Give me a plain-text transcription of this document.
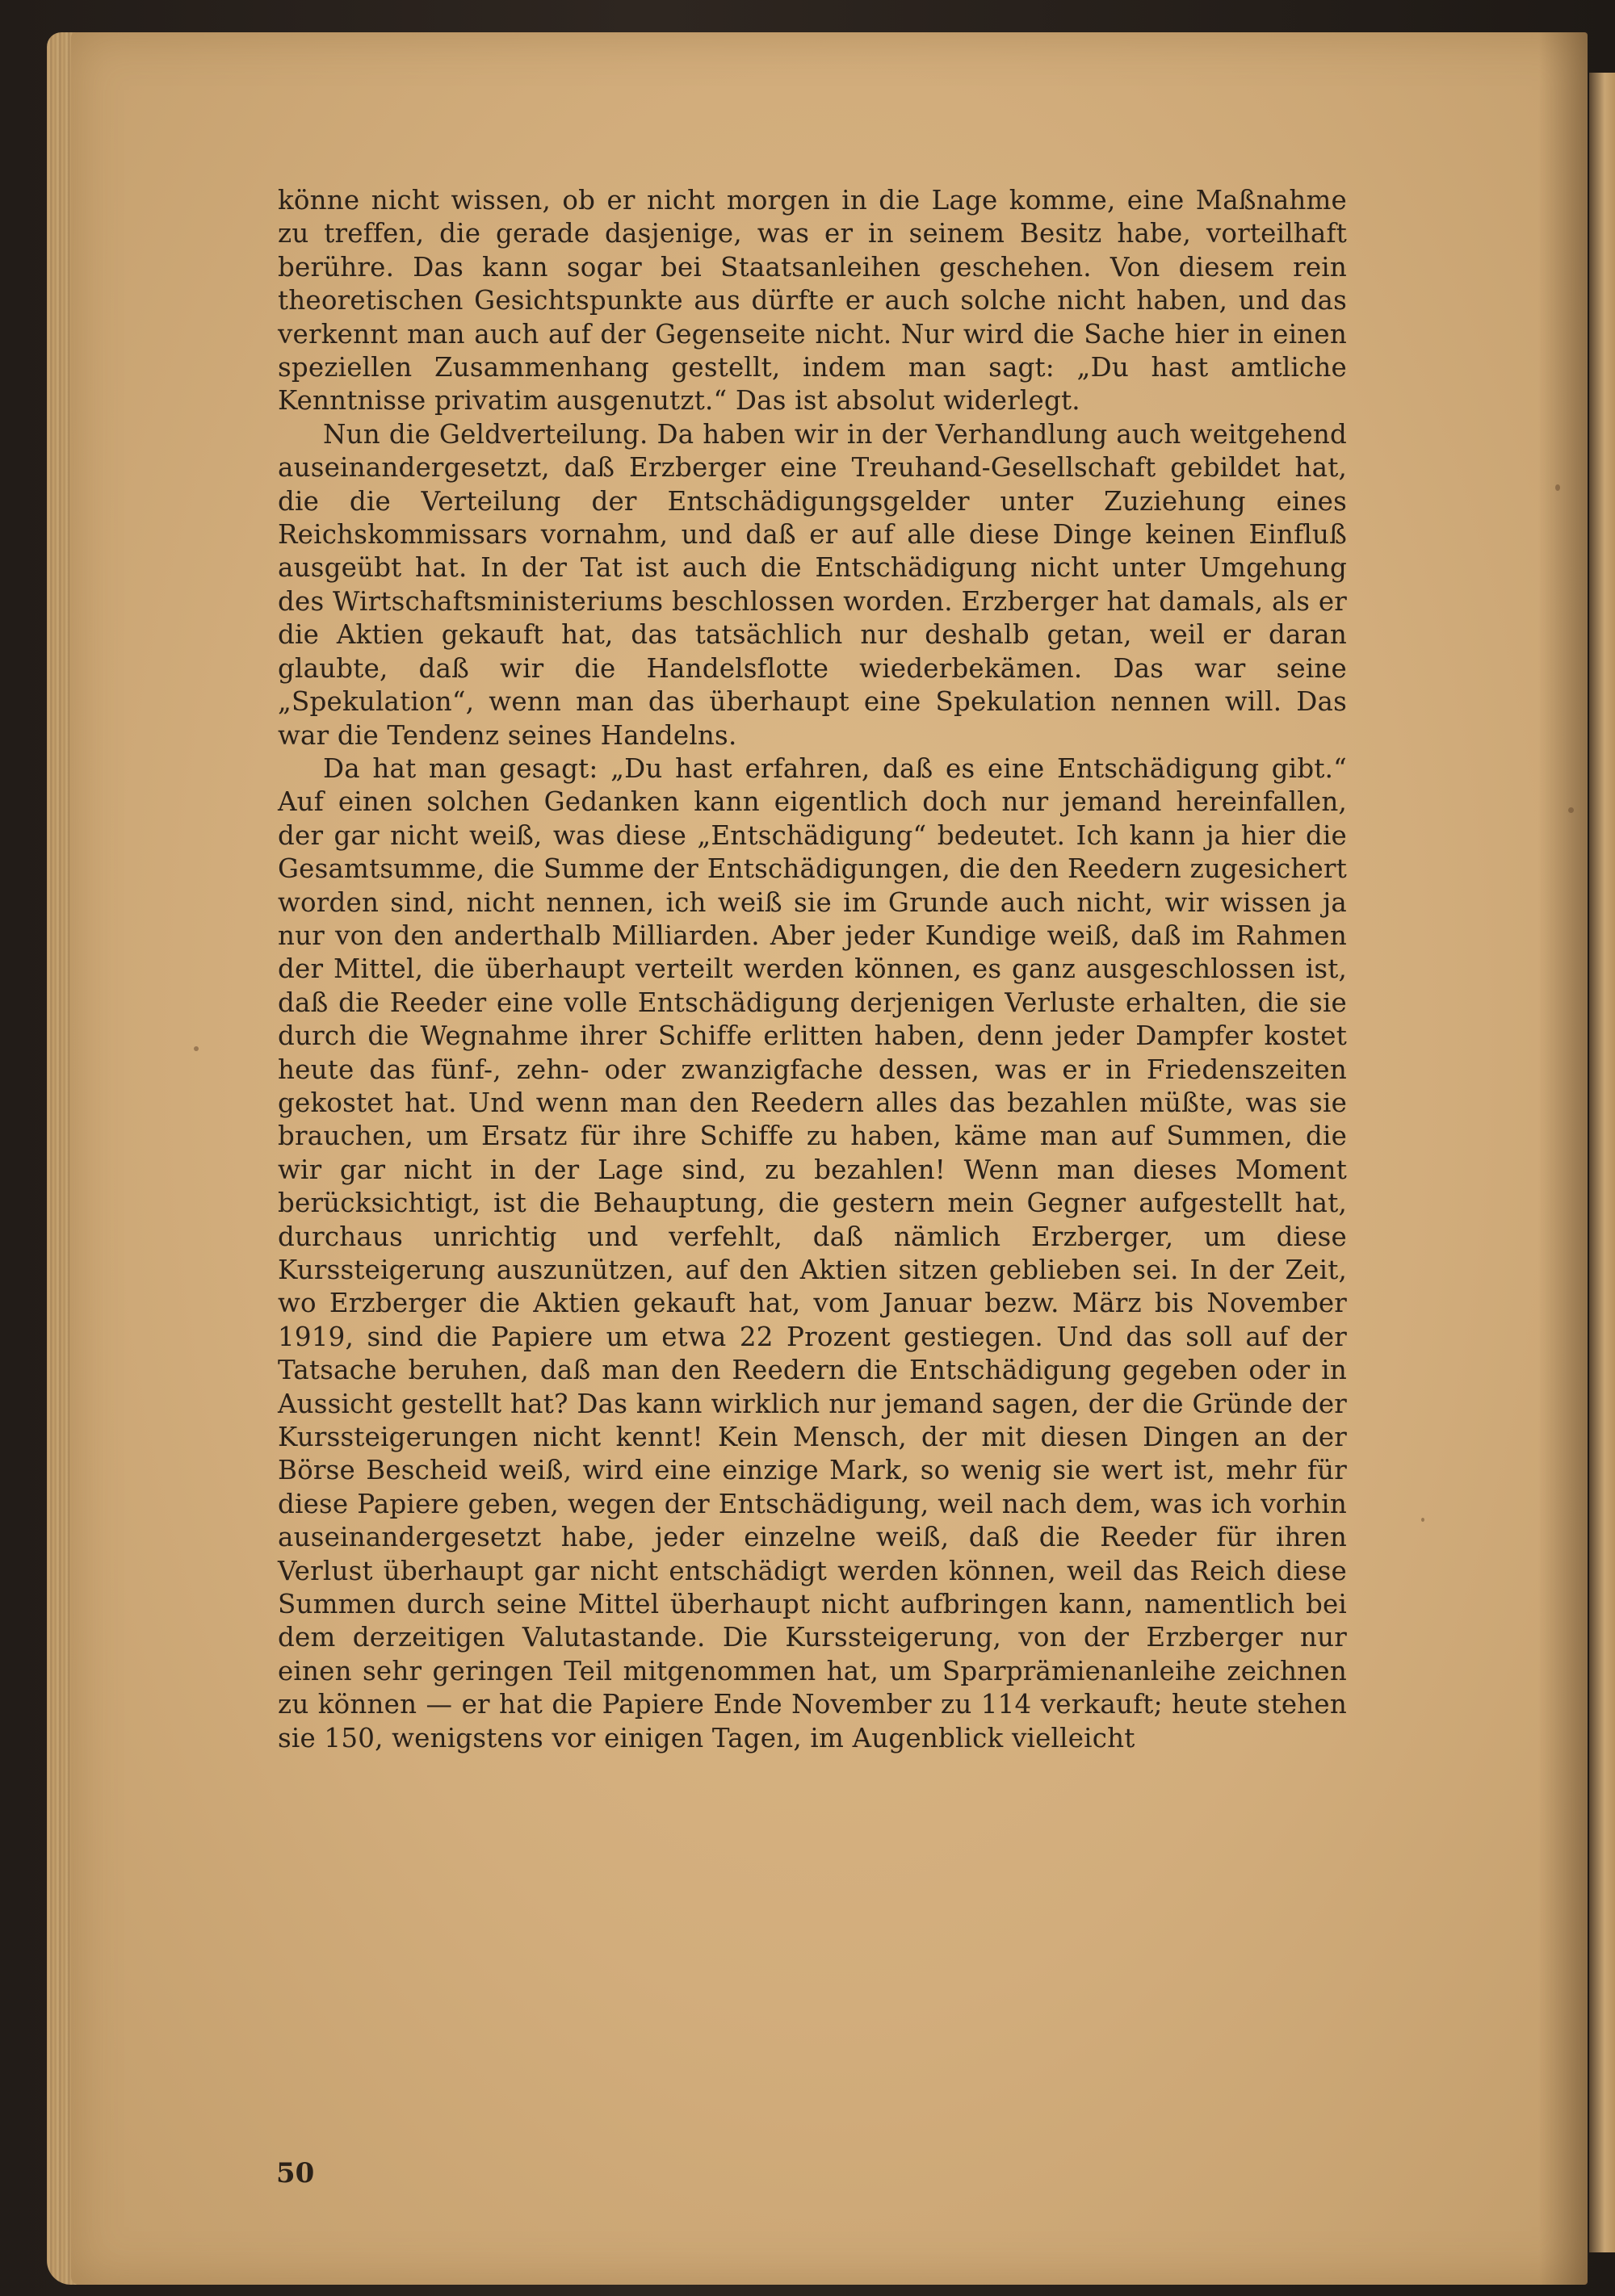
könne nicht wissen, ob er nicht morgen in die Lage komme, eine Maßnahme zu treffen, die gerade dasjenige, was er in seinem Besitz habe, vorteilhaft berühre. Das kann sogar bei Staatsanleihen geschehen. Von diesem rein theoretischen Gesichtspunkte aus dürfte er auch solche nicht haben, und das verkennt man auch auf der Gegenseite nicht. Nur wird die Sache hier in einen speziellen Zusammenhang gestellt, indem man sagt: „Du hast amtliche Kenntnisse privatim ausgenutzt.“ Das ist absolut widerlegt.

Nun die Geldverteilung. Da haben wir in der Verhandlung auch weitgehend auseinandergesetzt, daß Erzberger eine Treuhand-Gesellschaft gebildet hat, die die Verteilung der Entschädigungsgelder unter Zuziehung eines Reichskommissars vornahm, und daß er auf alle diese Dinge keinen Einfluß ausgeübt hat. In der Tat ist auch die Entschädigung nicht unter Umgehung des Wirtschaftsministeriums beschlossen worden. Erzberger hat damals, als er die Aktien gekauft hat, das tatsächlich nur deshalb getan, weil er daran glaubte, daß wir die Handelsflotte wiederbekämen. Das war seine „Spekulation“, wenn man das überhaupt eine Spekulation nennen will. Das war die Tendenz seines Handelns.

Da hat man gesagt: „Du hast erfahren, daß es eine Entschädigung gibt.“ Auf einen solchen Gedanken kann eigentlich doch nur jemand hereinfallen, der gar nicht weiß, was diese „Entschädigung“ bedeutet. Ich kann ja hier die Gesamtsumme, die Summe der Entschädigungen, die den Reedern zugesichert worden sind, nicht nennen, ich weiß sie im Grunde auch nicht, wir wissen ja nur von den anderthalb Milliarden. Aber jeder Kundige weiß, daß im Rahmen der Mittel, die überhaupt verteilt werden können, es ganz ausgeschlossen ist, daß die Reeder eine volle Entschädigung derjenigen Verluste erhalten, die sie durch die Wegnahme ihrer Schiffe erlitten haben, denn jeder Dampfer kostet heute das fünf-, zehn- oder zwanzigfache dessen, was er in Friedenszeiten gekostet hat. Und wenn man den Reedern alles das bezahlen müßte, was sie brauchen, um Ersatz für ihre Schiffe zu haben, käme man auf Summen, die wir gar nicht in der Lage sind, zu bezahlen! Wenn man dieses Moment berücksichtigt, ist die Behauptung, die gestern mein Gegner aufgestellt hat, durchaus unrichtig und verfehlt, daß nämlich Erzberger, um diese Kurssteigerung auszunützen, auf den Aktien sitzen geblieben sei. In der Zeit, wo Erzberger die Aktien gekauft hat, vom Januar bezw. März bis November 1919, sind die Papiere um etwa 22 Prozent gestiegen. Und das soll auf der Tatsache beruhen, daß man den Reedern die Entschädigung gegeben oder in Aussicht gestellt hat? Das kann wirklich nur jemand sagen, der die Gründe der Kurssteigerungen nicht kennt! Kein Mensch, der mit diesen Dingen an der Börse Bescheid weiß, wird eine einzige Mark, so wenig sie wert ist, mehr für diese Papiere geben, wegen der Entschädigung, weil nach dem, was ich vorhin auseinandergesetzt habe, jeder einzelne weiß, daß die Reeder für ihren Verlust überhaupt gar nicht entschädigt werden können, weil das Reich diese Summen durch seine Mittel überhaupt nicht aufbringen kann, namentlich bei dem derzeitigen Valutastande. Die Kurssteigerung, von der Erzberger nur einen sehr geringen Teil mitgenommen hat, um Sparprämienanleihe zeichnen zu können — er hat die Papiere Ende November zu 114 verkauft; heute stehen sie 150, wenigstens vor einigen Tagen, im Augenblick vielleicht

50
